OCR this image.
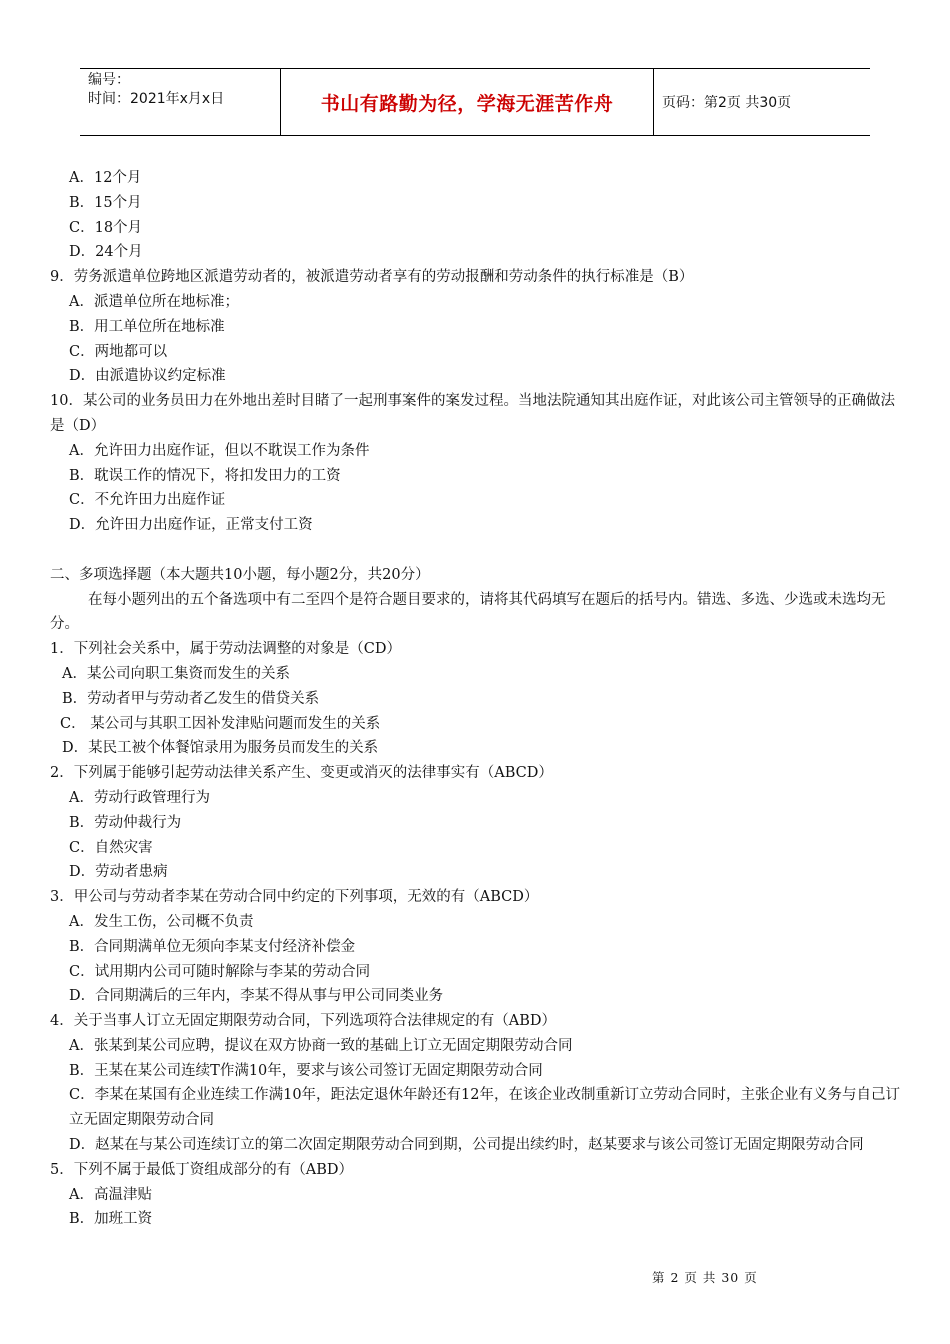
编号：
时间：2021年x月x日	书山有路勤为径，学海无涯苦作舟	页码：第2页 共30页
A．12个月
B．15个月
C．18个月
D．24个月
9．劳务派遣单位跨地区派遣劳动者的，被派遣劳动者享有的劳动报酬和劳动条件的执行标准是（B）
A．派遣单位所在地标准；
B．用工单位所在地标准
C．两地都可以
D．由派遣协议约定标准
10．某公司的业务员田力在外地出差时目睹了一起刑事案件的案发过程。当地法院通知其出庭作证，对此该公司主管领导的正确做法是（D）
A．允许田力出庭作证，但以不耽误工作为条件
B．耽误工作的情况下，将扣发田力的工资
C．不允许田力出庭作证
D．允许田力出庭作证，正常支付工资
二、多项选择题（本大题共10小题，每小题2分，共20分）
在每小题列出的五个备选项中有二至四个是符合题目要求的，请将其代码填写在题后的括号内。错选、多选、少选或未选均无分。
1．下列社会关系中，属于劳动法调整的对象是（CD）
A．某公司向职工集资而发生的关系
B．劳动者甲与劳动者乙发生的借贷关系
C． 某公司与其职工因补发津贴问题而发生的关系
D．某民工被个体餐馆录用为服务员而发生的关系
2．下列属于能够引起劳动法律关系产生、变更或消灭的法律事实有（ABCD）
A．劳动行政管理行为
B．劳动仲裁行为
C．自然灾害
D．劳动者患病
3．甲公司与劳动者李某在劳动合同中约定的下列事项，无效的有（ABCD）
A．发生工伤，公司概不负责
B．合同期满单位无须向李某支付经济补偿金
C．试用期内公司可随时解除与李某的劳动合同
D．合同期满后的三年内，李某不得从事与甲公司同类业务
4．关于当事人订立无固定期限劳动合同，下列选项符合法律规定的有（ABD）
A．张某到某公司应聘，提议在双方协商一致的基础上订立无固定期限劳动合同
B．王某在某公司连续T作满10年，要求与该公司签订无固定期限劳动合同
C．李某在某国有企业连续工作满10年，距法定退休年龄还有12年，在该企业改制重新订立劳动合同时，主张企业有义务与自己订立无固定期限劳动合同
D．赵某在与某公司连续订立的第二次固定期限劳动合同到期，公司提出续约时，赵某要求与该公司签订无固定期限劳动合同
5．下列不属于最低丁资组成部分的有（ABD）
A．高温津贴
B．加班工资
第 2 页 共 30 页
